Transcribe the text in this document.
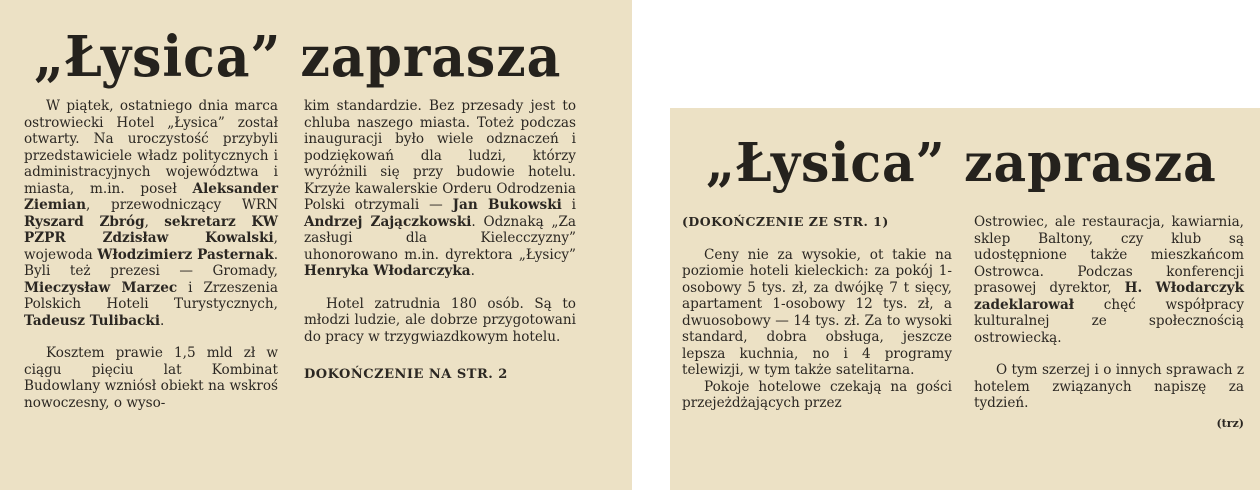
„Łysica” zaprasza

W piątek, ostatniego dnia marca ostrowiecki Hotel „Łysica” został otwarty. Na uroczystość przybyli przedstawiciele władz politycznych i administracyjnych województwa i miasta, m.in. poseł Aleksander Ziemian, przewodniczący WRN Ryszard Zbróg, sekretarz KW PZPR Zdzisław Kowalski, wojewoda Włodzimierz Pasternak. Byli też prezesi — Gromady, Mieczysław Marzec i Zrzeszenia Polskich Hoteli Turystycznych, Tadeusz Tulibacki.

Kosztem prawie 1,5 mld zł w ciągu pięciu lat Kombinat Budowlany wzniósł obiekt na wskroś nowoczesny, o wyso-

kim standardzie. Bez przesady jest to chluba naszego miasta. Toteż podczas inauguracji było wiele odznaczeń i podziękowań dla ludzi, którzy wyróżnili się przy budowie hotelu. Krzyże kawalerskie Orderu Odrodzenia Polski otrzymali — Jan Bukowski i Andrzej Zajączkowski. Odznaką „Za zasługi dla Kielecczyzny” uhonorowano m.in. dyrektora „Łysicy” Henryka Włodarczyka.

Hotel zatrudnia 180 osób. Są to młodzi ludzie, ale dobrze przygotowani do pracy w trzygwiazdkowym hotelu.

DOKOŃCZENIE NA STR. 2

„Łysica” zaprasza

(DOKOŃCZENIE ZE STR. 1)

Ceny nie za wysokie, ot takie na poziomie hoteli kieleckich: za pokój 1-osobowy 5 tys. zł, za dwójkę 7 t sięcy, apartament 1-osobowy 12 tys. zł, a dwuosobowy — 14 tys. zł. Za to wysoki standard, dobra obsługa, jeszcze lepsza kuchnia, no i 4 programy telewizji, w tym także satelitarna.

Pokoje hotelowe czekają na gości przejeżdżających przez

Ostrowiec, ale restauracja, kawiarnia, sklep Baltony, czy klub są udostępnione także mieszkańcom Ostrowca. Podczas konferencji prasowej dyrektor, H. Włodarczyk zadeklarował chęć współpracy kulturalnej ze społecznością ostrowiecką.

O tym szerzej i o innych sprawach z hotelem związanych napiszę za tydzień.

(trz)
